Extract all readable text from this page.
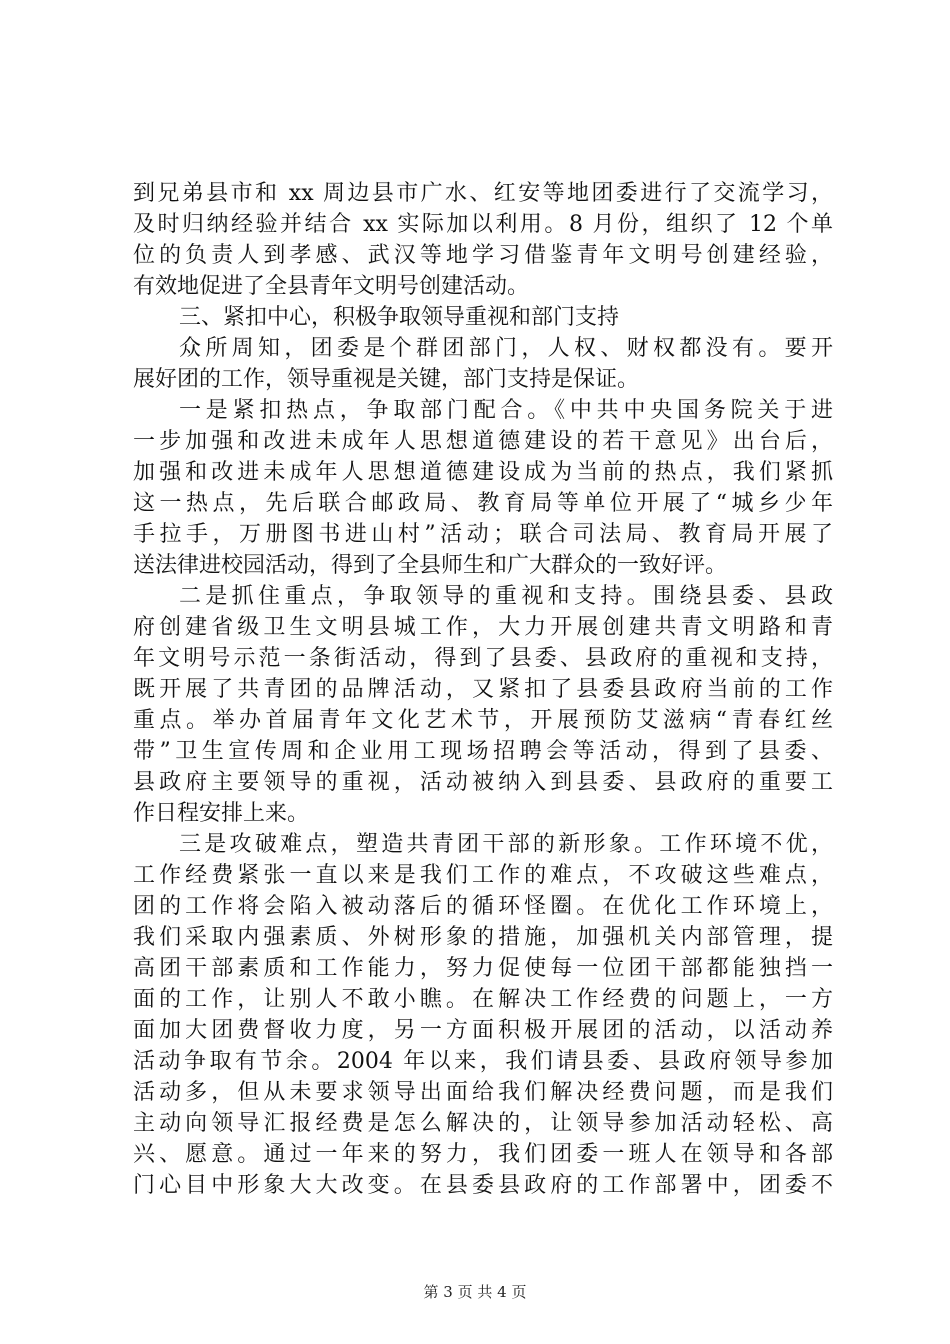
到兄弟县市和 xx 周边县市广水、红安等地团委进行了交流学习，
及时归纳经验并结合 xx 实际加以利用。8 月份，组织了 12 个单
位的负责人到孝感、武汉等地学习借鉴青年文明号创建经验，
有效地促进了全县青年文明号创建活动。
三、紧扣中心，积极争取领导重视和部门支持
众所周知，团委是个群团部门，人权、财权都没有。要开
展好团的工作，领导重视是关键，部门支持是保证。
一是紧扣热点，争取部门配合。《中共中央国务院关于进
一步加强和改进未成年人思想道德建设的若干意见》出台后，
加强和改进未成年人思想道德建设成为当前的热点，我们紧抓
这一热点，先后联合邮政局、教育局等单位开展了“城乡少年
手拉手，万册图书进山村”活动；联合司法局、教育局开展了
送法律进校园活动，得到了全县师生和广大群众的一致好评。
二是抓住重点，争取领导的重视和支持。围绕县委、县政
府创建省级卫生文明县城工作，大力开展创建共青文明路和青
年文明号示范一条街活动，得到了县委、县政府的重视和支持，
既开展了共青团的品牌活动，又紧扣了县委县政府当前的工作
重点。举办首届青年文化艺术节，开展预防艾滋病“青春红丝
带”卫生宣传周和企业用工现场招聘会等活动，得到了县委、
县政府主要领导的重视，活动被纳入到县委、县政府的重要工
作日程安排上来。
三是攻破难点，塑造共青团干部的新形象。工作环境不优，
工作经费紧张一直以来是我们工作的难点，不攻破这些难点，
团的工作将会陷入被动落后的循环怪圈。在优化工作环境上，
我们采取内强素质、外树形象的措施，加强机关内部管理，提
高团干部素质和工作能力，努力促使每一位团干部都能独挡一
面的工作，让别人不敢小瞧。在解决工作经费的问题上，一方
面加大团费督收力度，另一方面积极开展团的活动，以活动养
活动争取有节余。2004 年以来，我们请县委、县政府领导参加
活动多，但从未要求领导出面给我们解决经费问题，而是我们
主动向领导汇报经费是怎么解决的，让领导参加活动轻松、高
兴、愿意。通过一年来的努力，我们团委一班人在领导和各部
门心目中形象大大改变。在县委县政府的工作部署中，团委不
第 3 页 共 4 页
